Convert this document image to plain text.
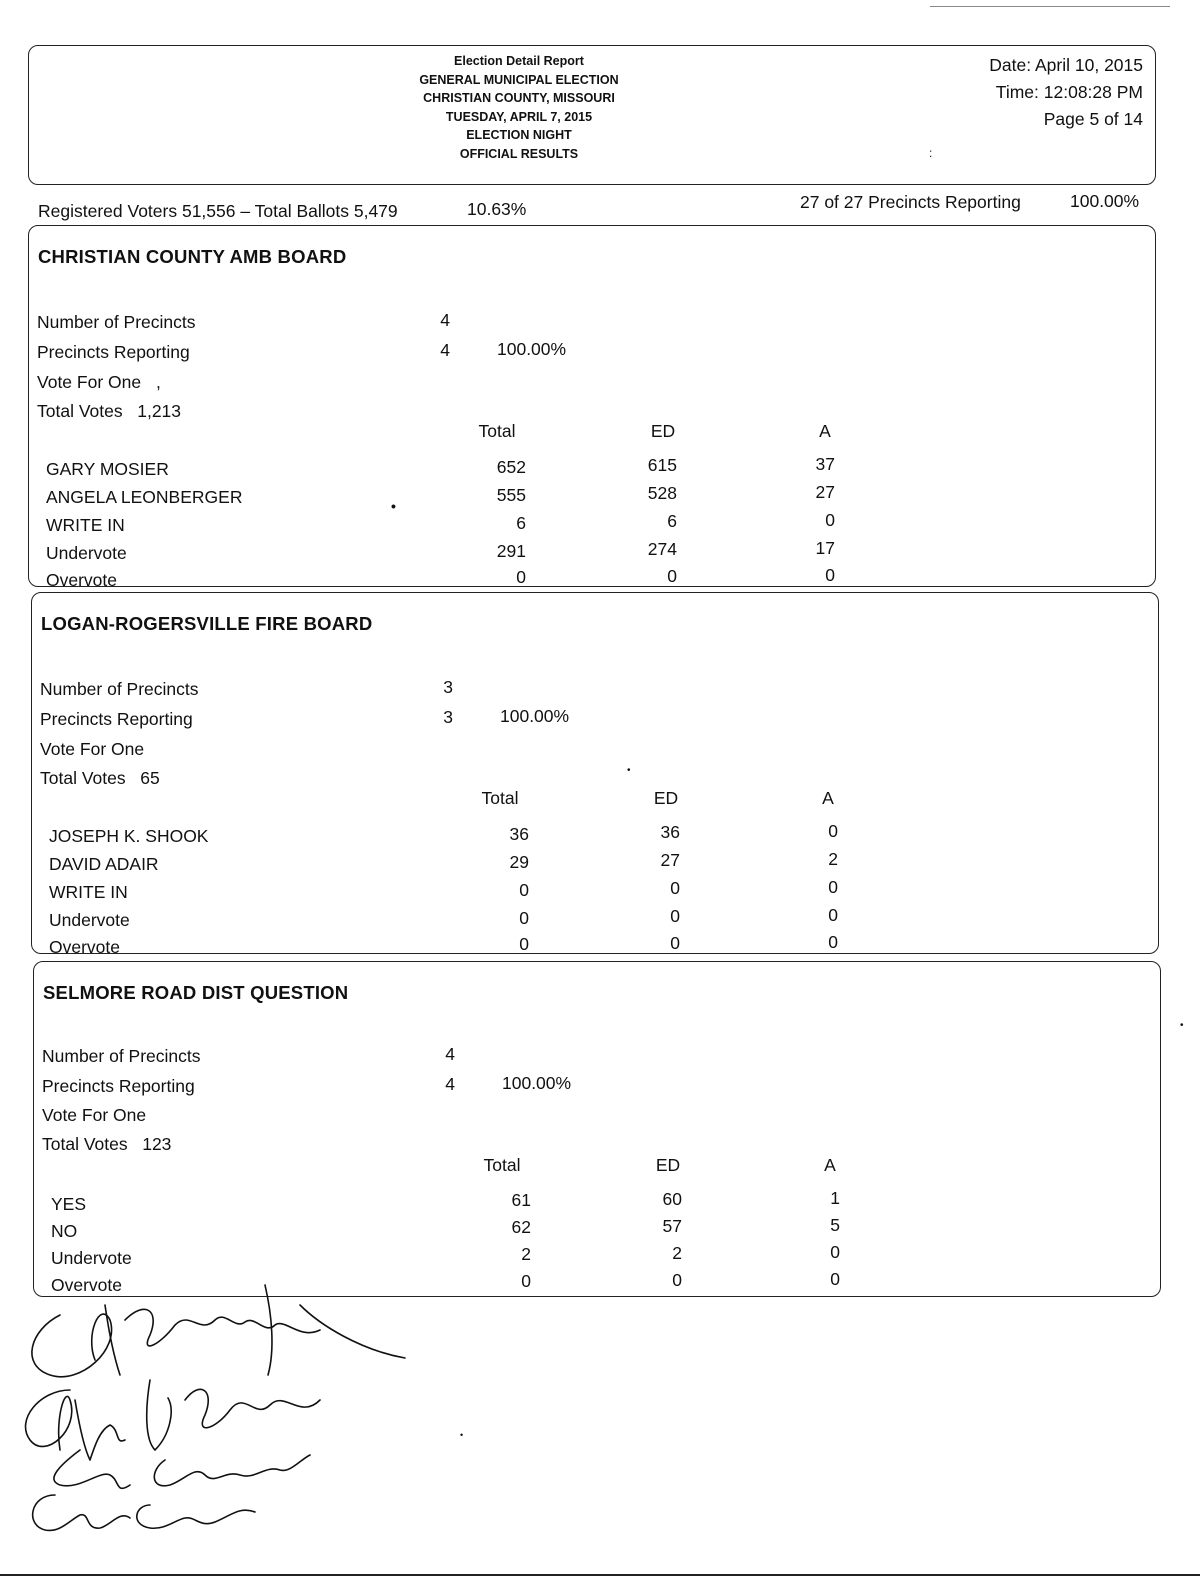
Election Detail Report
GENERAL MUNICIPAL ELECTION
CHRISTIAN COUNTY, MISSOURI
TUESDAY, APRIL 7, 2015
ELECTION NIGHT
OFFICIAL RESULTS
Date: April 10, 2015
Time: 12:08:28 PM
Page 5 of 14
:
Registered Voters 51,556 – Total Ballots 5,479	10.63%	27 of 27 Precincts Reporting	100.00%
CHRISTIAN COUNTY AMB BOARD
Number of Precincts	4
Precincts Reporting	4	100.00%
Vote For One ,
Total Votes 1,213
Total	ED	A
GARY MOSIER	652	615	37
ANGELA LEONBERGER	555	528	27
•
WRITE IN	6	6	0
Undervote	291	274	17
Overvote	0	0	0
LOGAN-ROGERSVILLE FIRE BOARD
Number of Precincts	3
Precincts Reporting	3	100.00%
Vote For One
Total Votes 65	•
Total	ED	A
JOSEPH K. SHOOK	36	36	0
DAVID ADAIR	29	27	2
WRITE IN	0	0	0
Undervote	0	0	0
Overvote	0	0	0
SELMORE ROAD DIST QUESTION
Number of Precincts	4
Precincts Reporting	4	100.00%
Vote For One
Total Votes 123
Total	ED	A
YES	61	60	1
NO	62	57	5
Undervote	2	2	0
Overvote	0	0	0
•
•
